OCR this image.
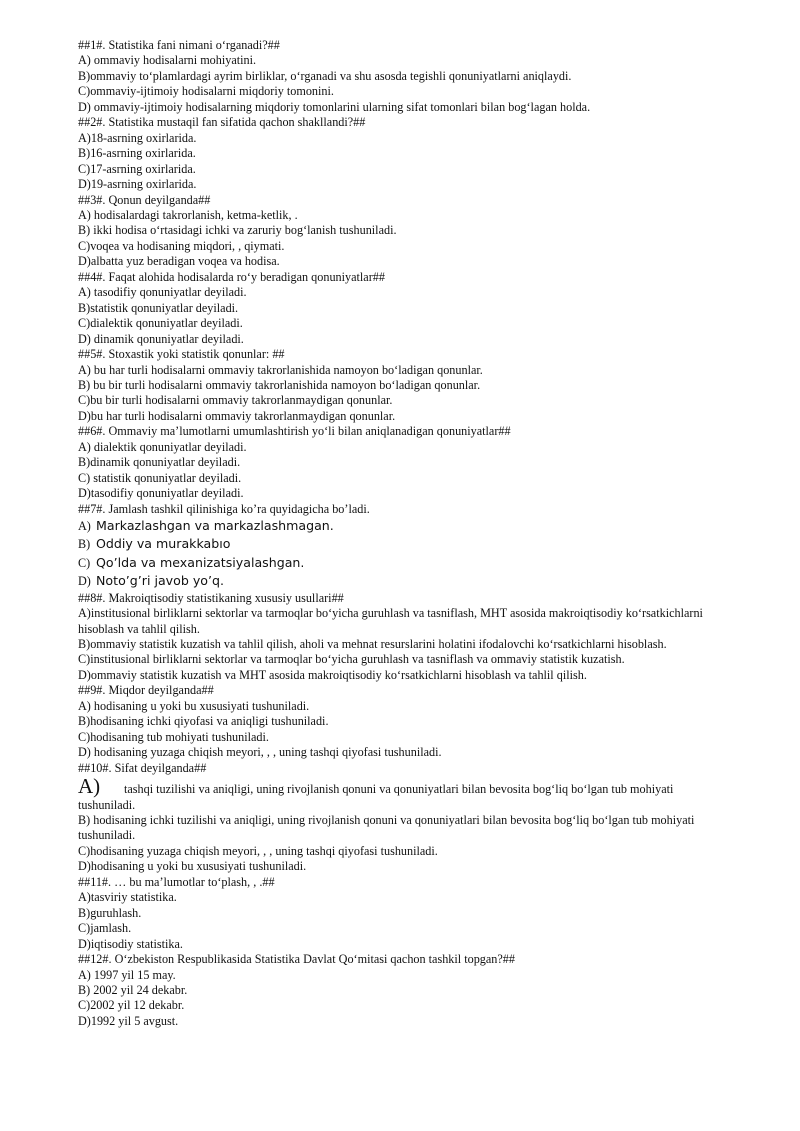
##1#. Statistika fani nimani o‘rganadi?##
A) ommaviy hodisalarni mohiyatini.
B)ommaviy to‘plamlardagi ayrim birliklar, o‘rganadi va shu asosda tegishli qonuniyatlarni aniqlaydi.
C)ommaviy-ijtimoiy hodisalarni miqdoriy tomonini.
D) ommaviy-ijtimoiy hodisalarning miqdoriy tomonlarini ularning sifat tomonlari bilan bog‘lagan holda.
##2#. Statistika mustaqil fan sifatida qachon shakllandi?##
A)18-asrning oxirlarida.
B)16-asrning oxirlarida.
C)17-asrning oxirlarida.
D)19-asrning oxirlarida.
##3#. Qonun deyilganda##
A) hodisalardagi takrorlanish, ketma-ketlik, .
B) ikki hodisa o‘rtasidagi ichki va zaruriy bog‘lanish tushuniladi.
C)voqea va hodisaning miqdori, , qiymati.
D)albatta yuz beradigan voqea va hodisa.
##4#. Faqat alohida hodisalarda ro‘y beradigan qonuniyatlar##
A) tasodifiy qonuniyatlar deyiladi.
B)statistik qonuniyatlar deyiladi.
C)dialektik qonuniyatlar deyiladi.
D) dinamik qonuniyatlar deyiladi.
##5#. Stoxastik yoki statistik qonunlar: ##
A) bu har turli hodisalarni ommaviy takrorlanishida namoyon bo‘ladigan qonunlar.
B) bu bir turli hodisalarni ommaviy takrorlanishida namoyon bo‘ladigan qonunlar.
C)bu bir turli hodisalarni ommaviy takrorlanmaydigan qonunlar.
D)bu har turli hodisalarni ommaviy takrorlanmaydigan qonunlar.
##6#. Ommaviy ma’lumotlarni umumlashtirish yo‘li bilan aniqlanadigan qonuniyatlar##
A) dialektik qonuniyatlar deyiladi.
B)dinamik qonuniyatlar deyiladi.
C) statistik qonuniyatlar deyiladi.
D)tasodifiy qonuniyatlar deyiladi.
##7#. Jamlash tashkil qilinishiga ko’ra quyidagicha bo’ladi.
A) Markazlashgan va markazlashmagan.
B) Oddiy va murakkabıo
C) Qo’lda va mexanizatsiyalashgan.
D) Noto’g’ri javob yo’q.
##8#. Makroiqtisodiy statistikaning xususiy usullari##
A)institusional birliklarni sektorlar va tarmoqlar bo‘yicha guruhlash va tasniflash, MHT asosida makroiqtisodiy ko‘rsatkichlarni hisoblash va tahlil qilish.
B)ommaviy statistik kuzatish va tahlil qilish, aholi va mehnat resurslarini holatini ifodalovchi ko‘rsatkichlarni hisoblash.
C)institusional birliklarni sektorlar va tarmoqlar bo‘yicha guruhlash va tasniflash va ommaviy statistik kuzatish.
D)ommaviy statistik kuzatish va MHT asosida makroiqtisodiy ko‘rsatkichlarni hisoblash va tahlil qilish.
##9#. Miqdor deyilganda##
A) hodisaning u yoki bu xususiyati tushuniladi.
B)hodisaning ichki qiyofasi va aniqligi tushuniladi.
C)hodisaning tub mohiyati tushuniladi.
D) hodisaning yuzaga chiqish meyori, , , uning tashqi qiyofasi tushuniladi.
##10#. Sifat deyilganda##
A)	tashqi tuzilishi va aniqligi, uning rivojlanish qonuni va qonuniyatlari bilan bevosita bog‘liq bo‘lgan tub mohiyati
tushuniladi.
B) hodisaning ichki tuzilishi va aniqligi, uning rivojlanish qonuni va qonuniyatlari bilan bevosita bog‘liq bo‘lgan tub mohiyati tushuniladi.
C)hodisaning yuzaga chiqish meyori, , , uning tashqi qiyofasi tushuniladi.
D)hodisaning u yoki bu xususiyati tushuniladi.
##11#. … bu ma’lumotlar to‘plash, , .##
A)tasviriy statistika.
B)guruhlash.
C)jamlash.
D)iqtisodiy statistika.
##12#. O‘zbekiston Respublikasida Statistika Davlat Qo‘mitasi qachon tashkil topgan?##
A) 1997 yil 15 may.
B) 2002 yil 24 dekabr.
C)2002 yil 12 dekabr.
D)1992 yil 5 avgust.
